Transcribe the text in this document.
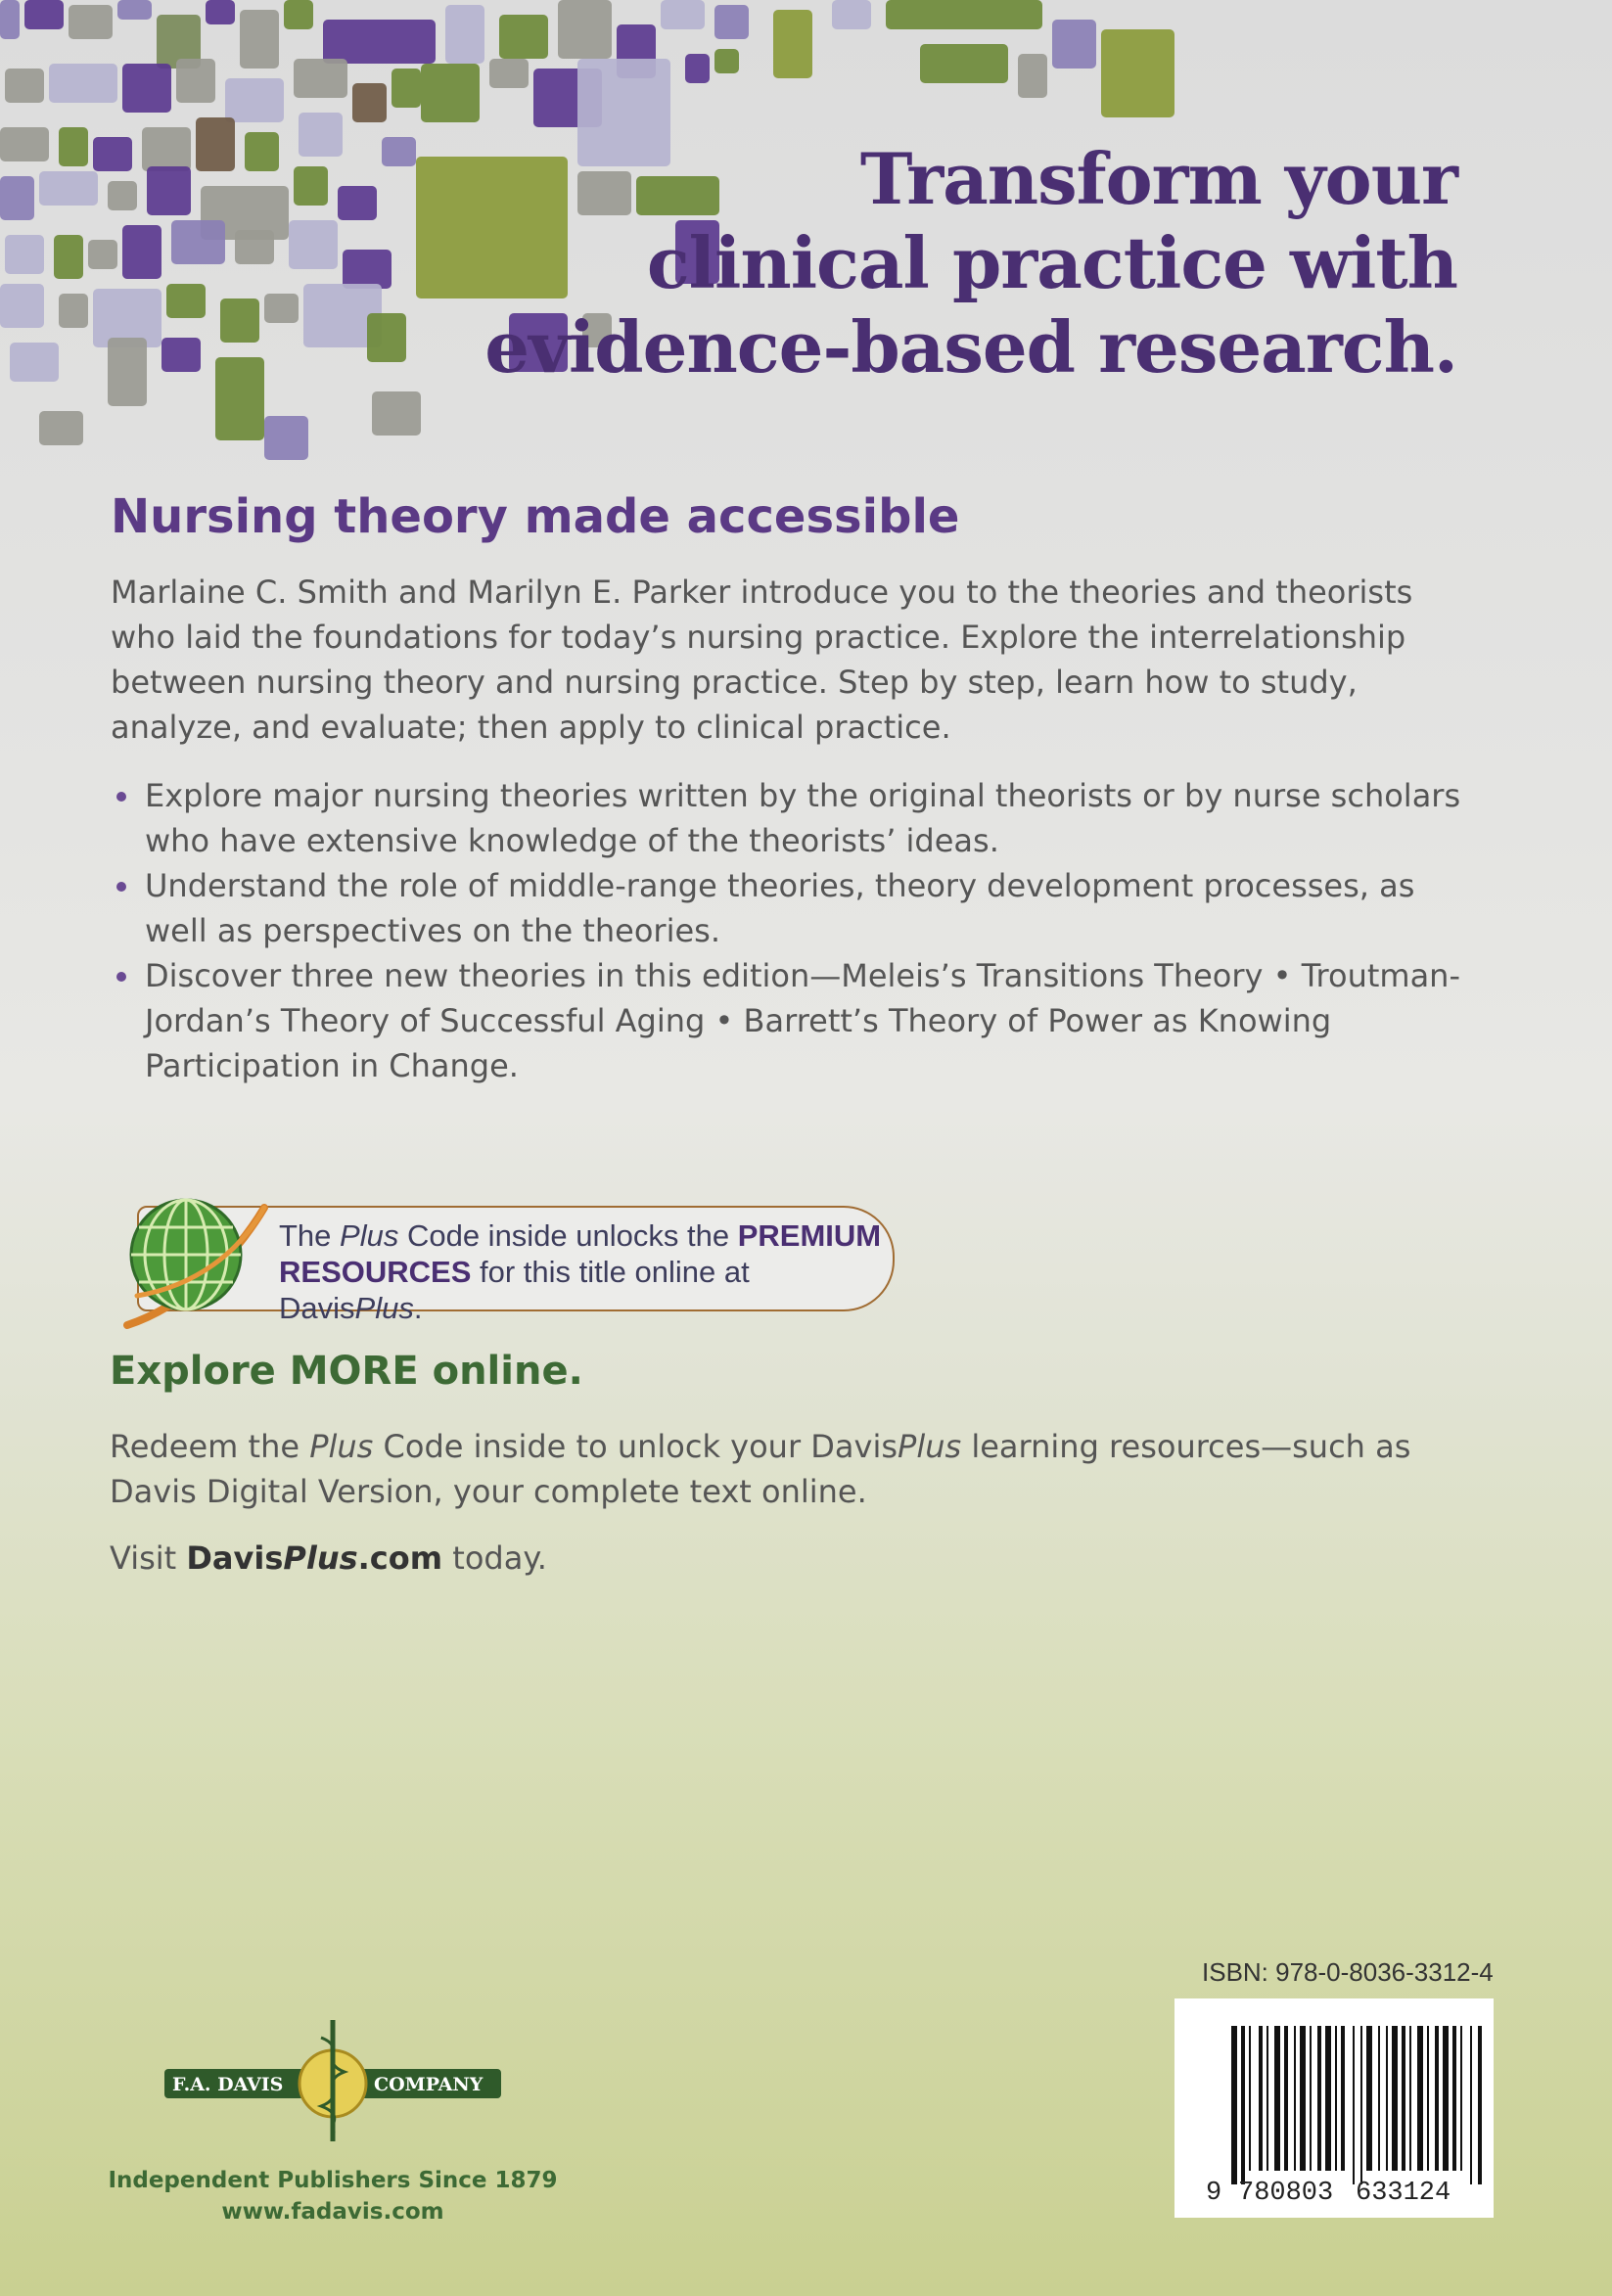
Transform your
clinical practice with
evidence-based research.
Nursing theory made accessible

Marlaine C. Smith and Marilyn E. Parker introduce you to the theories and theorists who laid the foundations for today’s nursing practice. Explore the interrelationship between nursing theory and nursing practice. Step by step, learn how to study, analyze, and evaluate; then apply to clinical practice.

Explore major nursing theories written by the original theorists or by nurse scholars who have extensive knowledge of the theorists’ ideas.
Understand the role of middle-range theories, theory development processes, as well as perspectives on the theories.
Discover three new theories in this edition—Meleis’s Transitions Theory • Troutman-Jordan’s Theory of Successful Aging • Barrett’s Theory of Power as Knowing Participation in Change.
The Plus Code inside unlocks the PREMIUM
RESOURCES for this title online at DavisPlus.
Explore MORE online.

Redeem the Plus Code inside to unlock your DavisPlus learning resources—such as Davis Digital Version, your complete text online.

Visit DavisPlus.com today.

ISBN: 978-0-8036-3312-4
9 780803 633124
F.A. DAVIS	COMPANY
Independent Publishers Since 1879
www.fadavis.com
